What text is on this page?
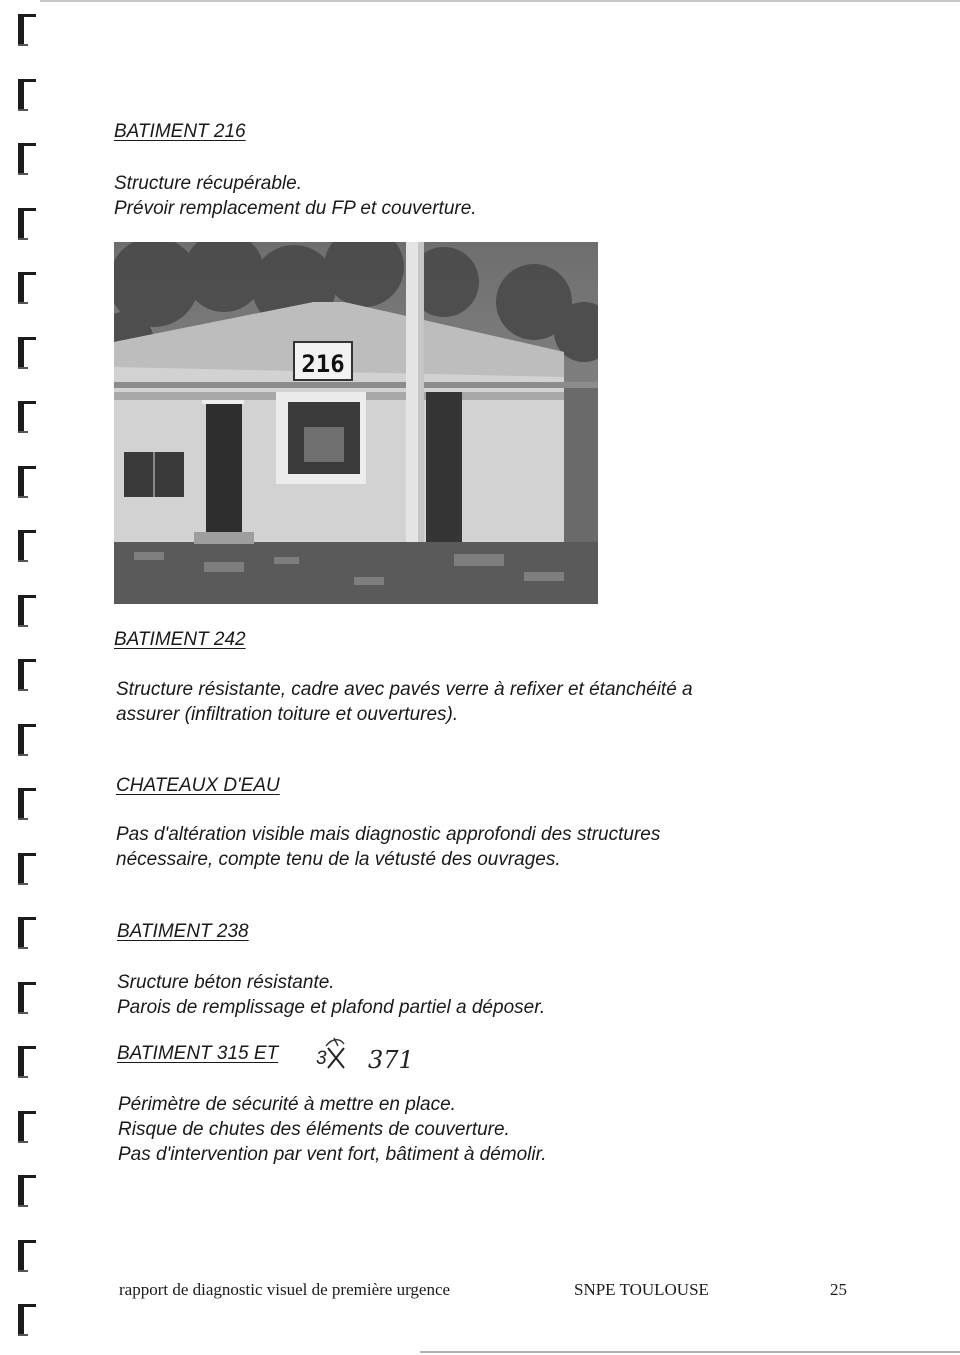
BATIMENT 216
Structure récupérable.
Prévoir remplacement du FP et couverture.
216
BATIMENT 242
Structure résistante, cadre avec pavés verre à refixer et étanchéité a
assurer (infiltration toiture et ouvertures).
CHATEAUX D'EAU
Pas d'altération visible mais diagnostic approfondi des structures
nécessaire, compte tenu de la vétusté des ouvrages.
BATIMENT 238
Sructure béton résistante.
Parois de remplissage et plafond partiel a déposer.
BATIMENT 315 ET 3 371
Périmètre de sécurité à mettre en place.
Risque de chutes des éléments de couverture.
Pas d'intervention par vent fort, bâtiment à démolir.
rapport de diagnostic visuel de première urgence	SNPE TOULOUSE	25
